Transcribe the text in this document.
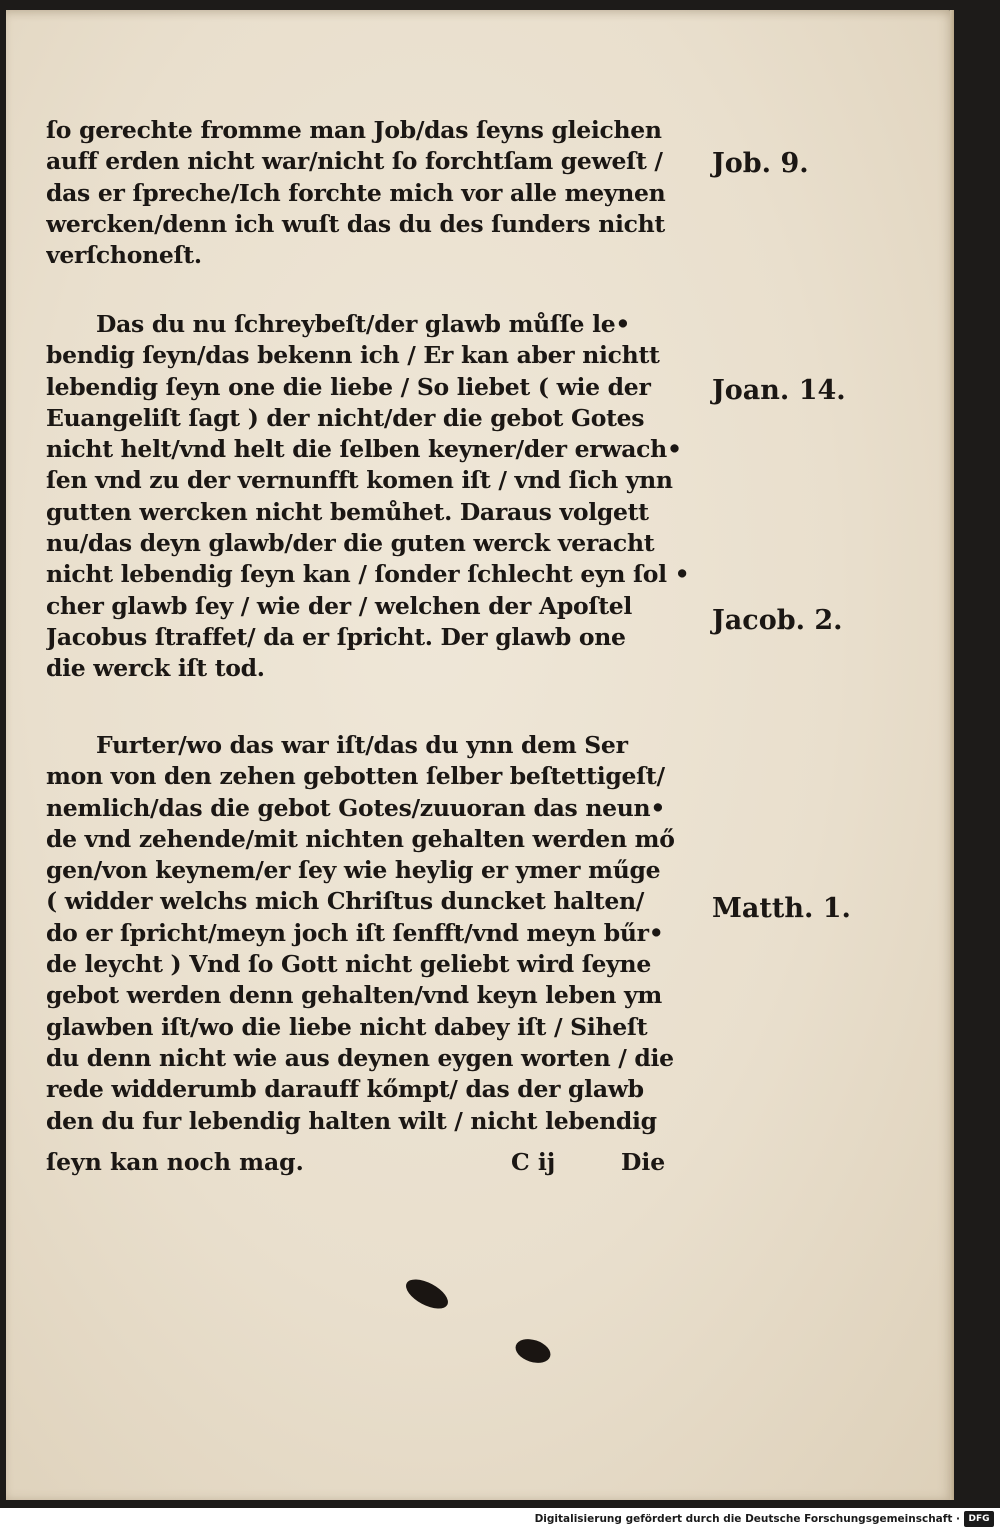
ſo gerechte fromme man Job/das ſeyns gleichen
auff erden nicht war/nicht ſo forchtſam geweſt /
das er ſpreche/Ich forchte mich vor alle meynen
wercken/denn ich wuſt das du des ſunders nicht
verſchoneſt.
Das du nu ſchreybeſt/der glawb můſſe le•
bendig ſeyn/das bekenn ich / Er kan aber nichtt
lebendig ſeyn one die liebe / So liebet ( wie der
Euangeliſt ſagt ) der nicht/der die gebot Gotes
nicht helt/vnd helt die ſelben keyner/der erwach•
ſen vnd zu der vernunfft komen iſt / vnd ſich ynn
gutten wercken nicht bemůhet. Daraus volgett
nu/das deyn glawb/der die guten werck veracht
nicht lebendig ſeyn kan / ſonder ſchlecht eyn ſol •
cher glawb ſey / wie der / welchen der Apoſtel
Jacobus ſtraffet/ da er ſpricht. Der glawb one
die werck iſt tod.
Furter/wo das war iſt/das du ynn dem Ser
mon von den zehen gebotten ſelber beſtettigeſt/
nemlich/das die gebot Gotes/zuuoran das neun•
de vnd zehende/mit nichten gehalten werden mő
gen/von keynem/er ſey wie heylig er ymer műge
( widder welchs mich Chriſtus duncket halten/
do er ſpricht/meyn joch iſt ſenfft/vnd meyn bűr•
de leycht ) Vnd ſo Gott nicht geliebt wird ſeyne
gebot werden denn gehalten/vnd keyn leben ym
glawben iſt/wo die liebe nicht dabey iſt / Siheſt
du denn nicht wie aus deynen eygen worten / die
rede widderumb darauff kőmpt/ das der glawb
den du fur lebendig halten wilt / nicht lebendig
ſeyn kan noch mag.	C ij	Die
Job. 9.
Joan. 14.
Jacob. 2.
Matth. 1.
Digitalisierung gefördert durch die Deutsche Forschungsgemeinschaft · DFG
